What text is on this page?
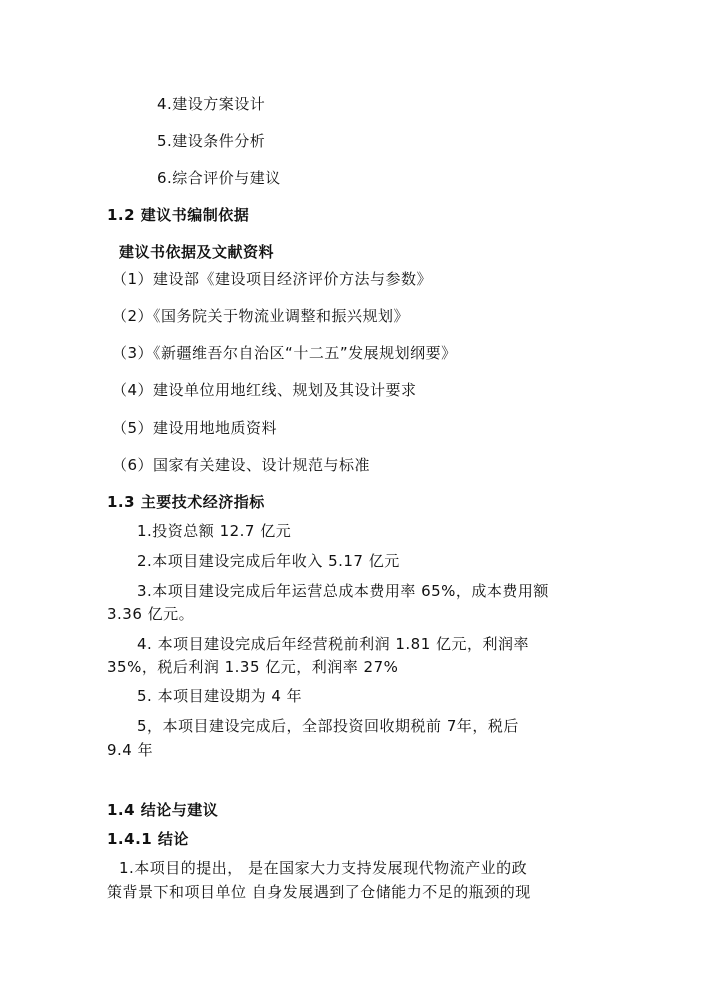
4.建设方案设计
5.建设条件分析
6.综合评价与建议
1.2 建议书编制依据
建议书依据及文献资料
（1）建设部《建设项目经济评价方法与参数》
（2）《国务院关于物流业调整和振兴规划》
（3）《新疆维吾尔自治区“十二五”发展规划纲要》
（4）建设单位用地红线、规划及其设计要求
（5）建设用地地质资料
（6）国家有关建设、设计规范与标准
1.3 主要技术经济指标
1.投资总额 12.7 亿元
2.本项目建设完成后年收入 5.17 亿元
3.本项目建设完成后年运营总成本费用率 65%，成本费用额
3.36 亿元。
4. 本项目建设完成后年经营税前利润 1.81 亿元，利润率
35%，税后利润 1.35 亿元，利润率 27%
5. 本项目建设期为 4 年
5，本项目建设完成后，全部投资回收期税前 7年，税后
9.4 年
1.4 结论与建议
1.4.1 结论
1.本项目的提出， 是在国家大力支持发展现代物流产业的政
策背景下和项目单位 自身发展遇到了仓储能力不足的瓶颈的现
